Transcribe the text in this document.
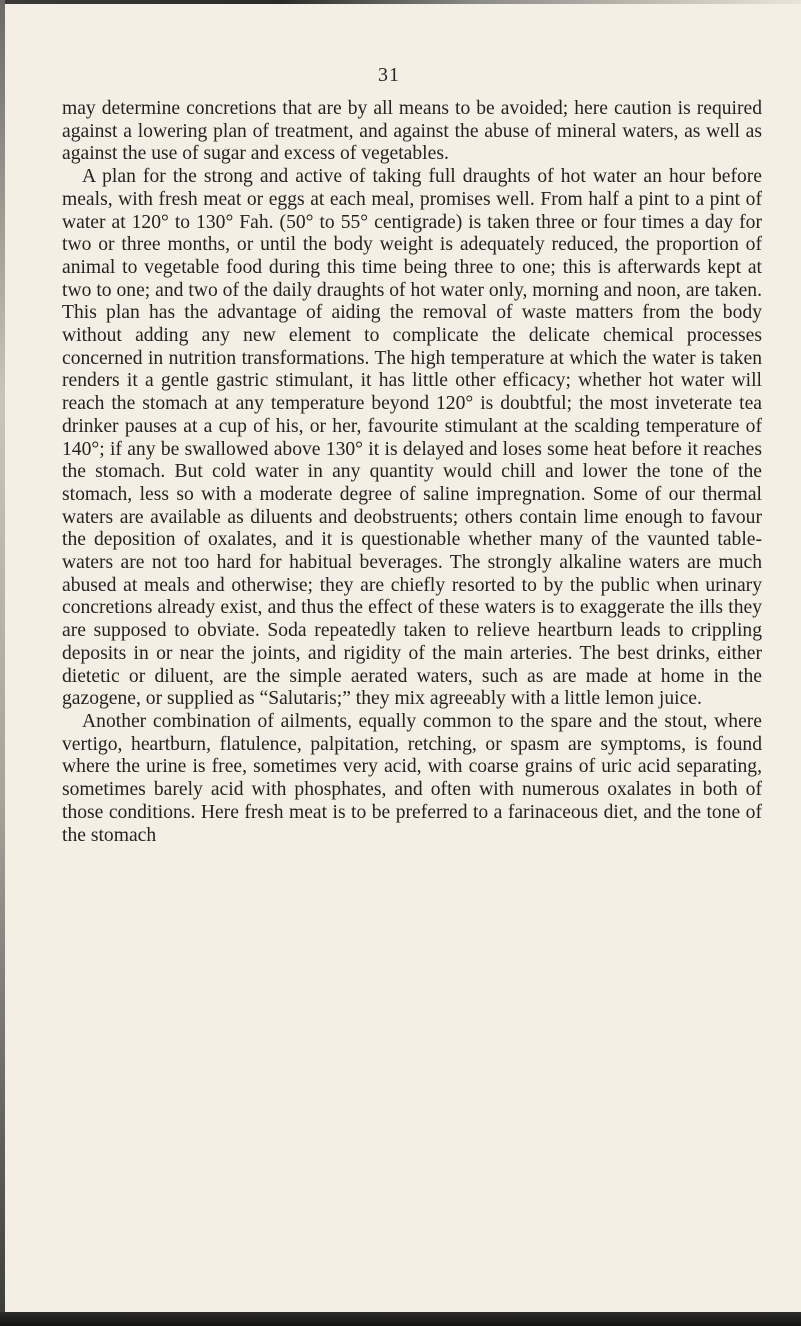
31

may determine concretions that are by all means to be avoided; here caution is required against a lowering plan of treatment, and against the abuse of mineral waters, as well as against the use of sugar and excess of vegetables.

A plan for the strong and active of taking full draughts of hot water an hour before meals, with fresh meat or eggs at each meal, promises well. From half a pint to a pint of water at 120° to 130° Fah. (50° to 55° centigrade) is taken three or four times a day for two or three months, or until the body weight is adequately reduced, the proportion of animal to vegetable food during this time being three to one; this is afterwards kept at two to one; and two of the daily draughts of hot water only, morning and noon, are taken. This plan has the advantage of aiding the removal of waste matters from the body without adding any new element to complicate the delicate chemical processes concerned in nutrition transformations. The high temperature at which the water is taken renders it a gentle gastric stimulant, it has little other efficacy; whether hot water will reach the stomach at any temperature beyond 120° is doubtful; the most inveterate tea drinker pauses at a cup of his, or her, favourite stimulant at the scalding temperature of 140°; if any be swallowed above 130° it is delayed and loses some heat before it reaches the stomach. But cold water in any quantity would chill and lower the tone of the stomach, less so with a moderate degree of saline impregnation. Some of our thermal waters are available as diluents and deobstruents; others contain lime enough to favour the deposition of oxalates, and it is questionable whether many of the vaunted table-waters are not too hard for habitual beverages. The strongly alkaline waters are much abused at meals and otherwise; they are chiefly resorted to by the public when urinary concretions already exist, and thus the effect of these waters is to exaggerate the ills they are supposed to obviate. Soda repeatedly taken to relieve heartburn leads to crippling deposits in or near the joints, and rigidity of the main arteries. The best drinks, either dietetic or diluent, are the simple aerated waters, such as are made at home in the gazogene, or supplied as “Salutaris;” they mix agreeably with a little lemon juice.

Another combination of ailments, equally common to the spare and the stout, where vertigo, heartburn, flatulence, palpitation, retching, or spasm are symptoms, is found where the urine is free, sometimes very acid, with coarse grains of uric acid separating, sometimes barely acid with phosphates, and often with numerous oxalates in both of those conditions. Here fresh meat is to be preferred to a farinaceous diet, and the tone of the stomach
